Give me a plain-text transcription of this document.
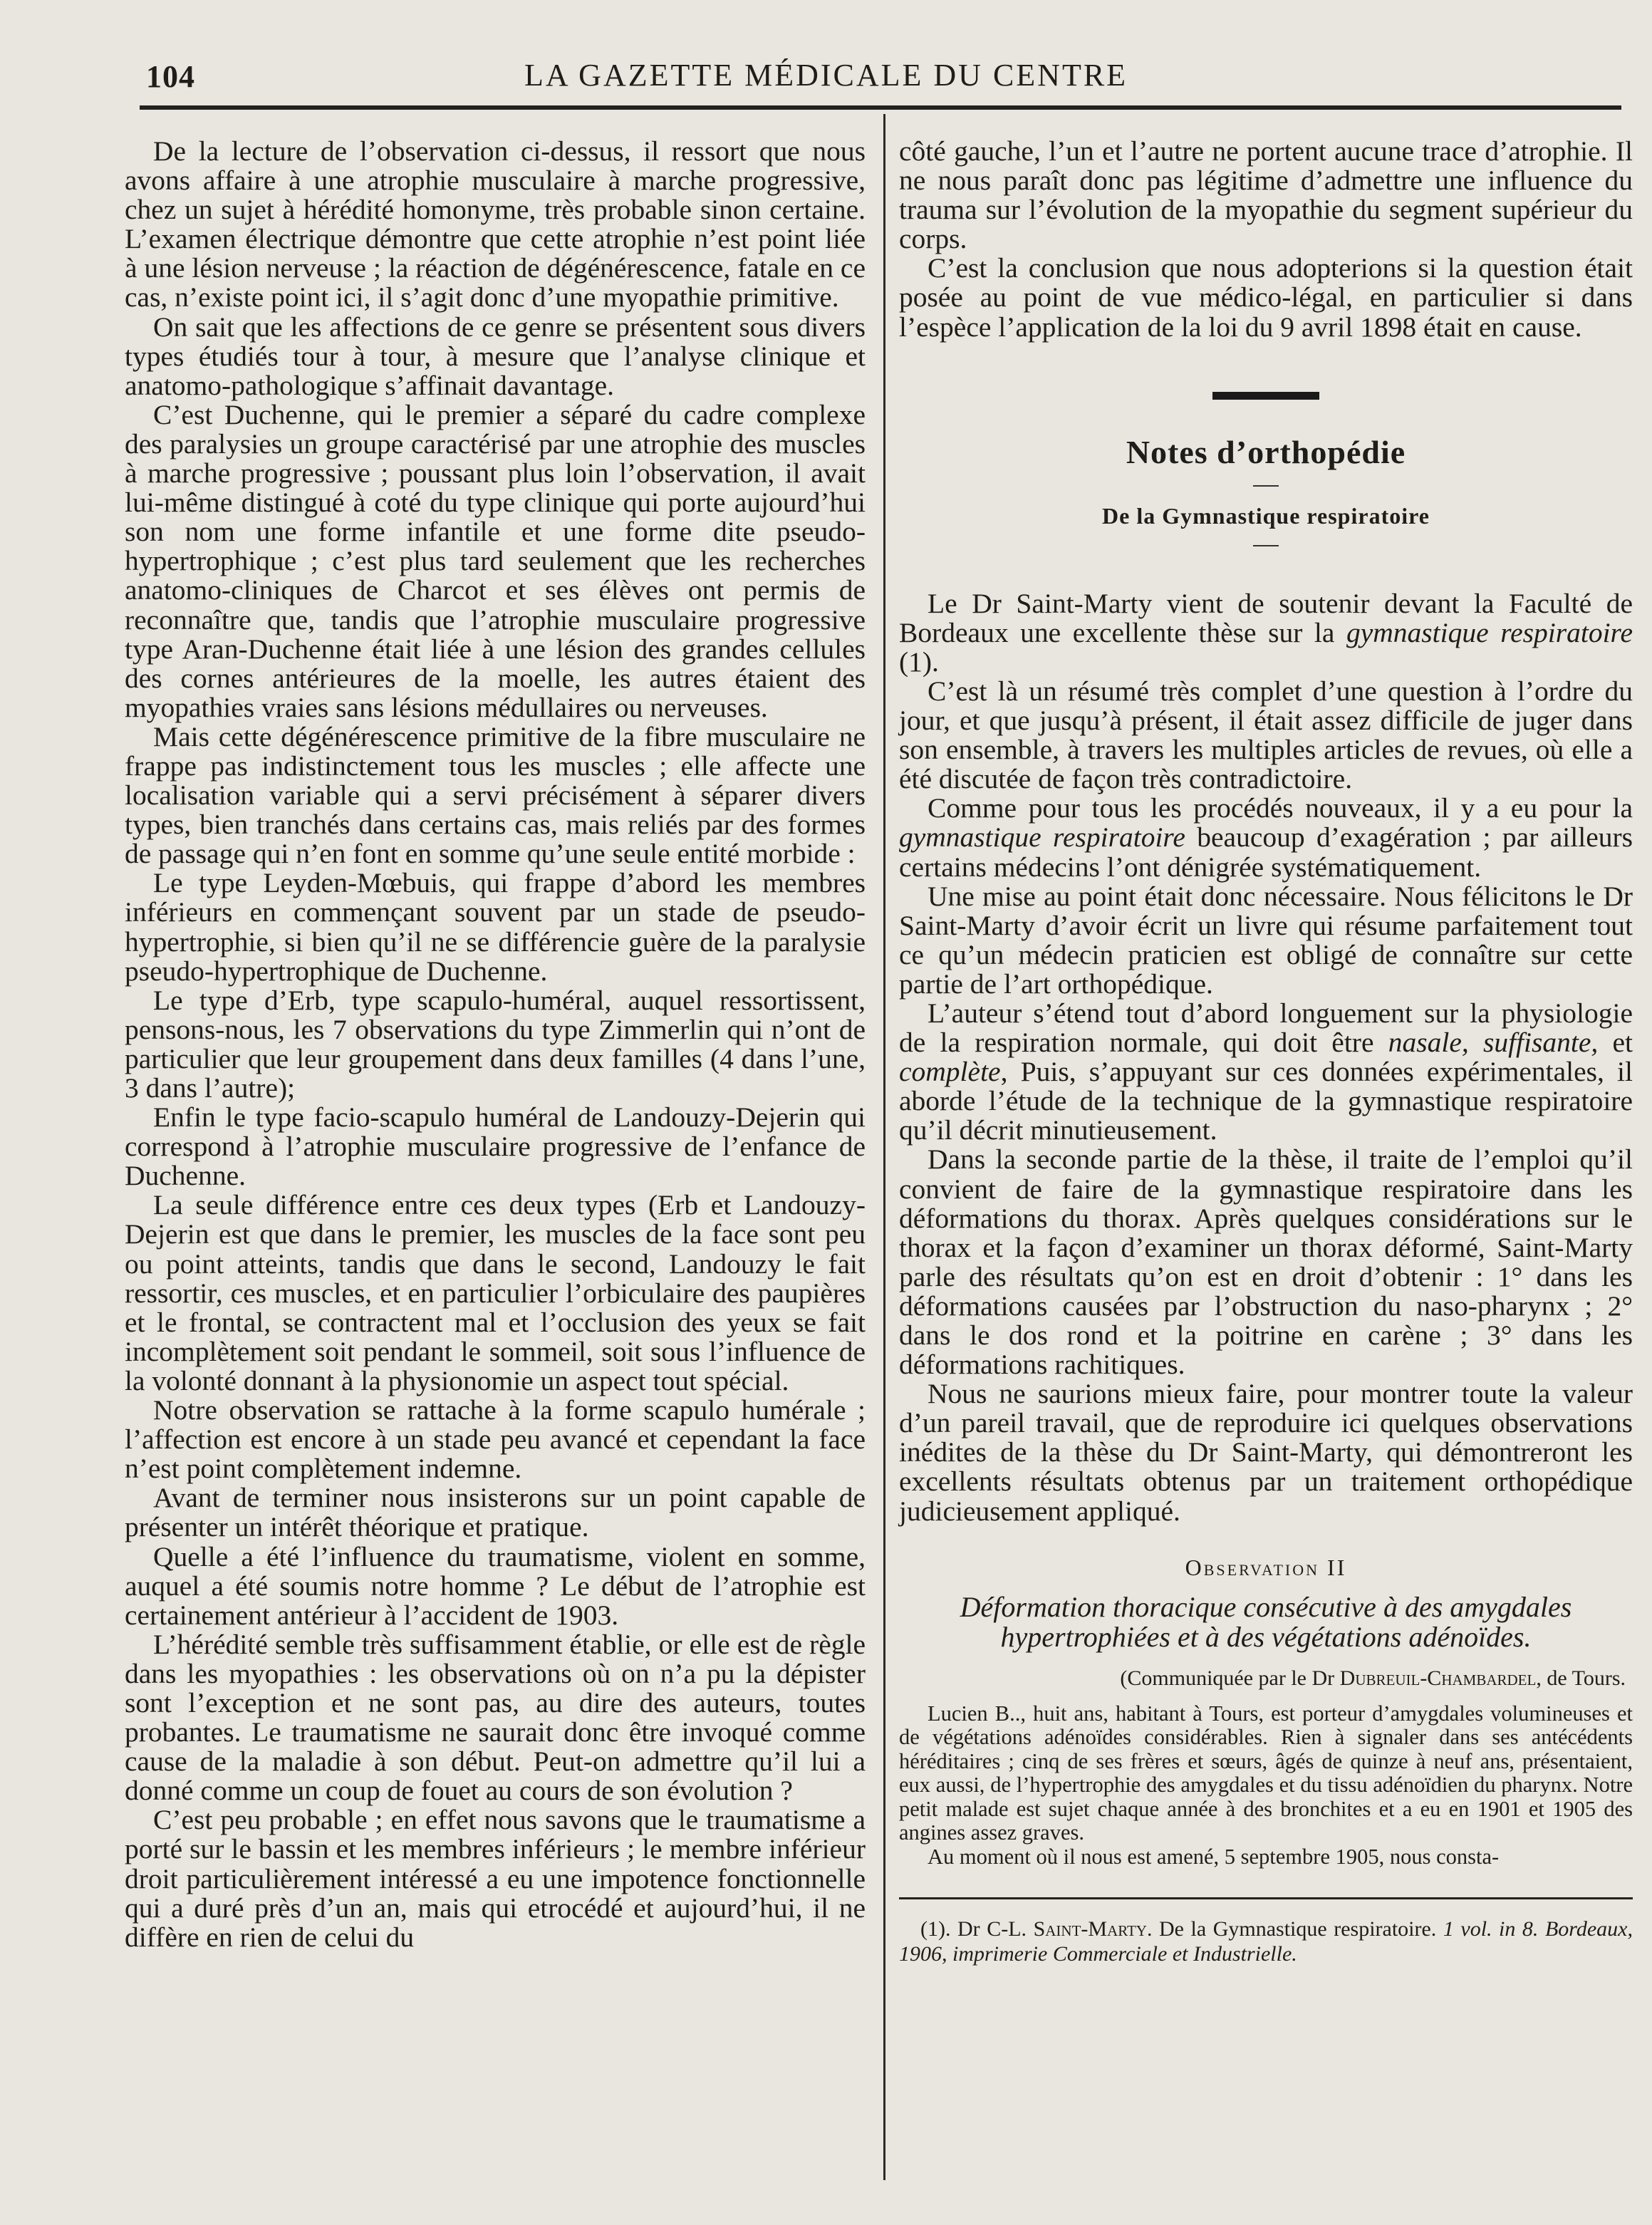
104	LA GAZETTE MÉDICALE DU CENTRE

De la lecture de l’observation ci-dessus, il ressort que nous avons affaire à une atrophie musculaire à marche progressive, chez un sujet à hérédité homonyme, très probable sinon certaine. L’examen électrique démontre que cette atrophie n’est point liée à une lésion nerveuse ; la réaction de dégénérescence, fatale en ce cas, n’existe point ici, il s’agit donc d’une myopathie primitive.

On sait que les affections de ce genre se présentent sous divers types étudiés tour à tour, à mesure que l’analyse clinique et anatomo-pathologique s’affinait davantage.

C’est Duchenne, qui le premier a séparé du cadre complexe des paralysies un groupe caractérisé par une atrophie des muscles à marche progressive ; poussant plus loin l’observation, il avait lui-même distingué à coté du type clinique qui porte aujourd’hui son nom une forme infantile et une forme dite pseudo-hypertrophique ; c’est plus tard seulement que les recherches anatomo-cliniques de Charcot et ses élèves ont permis de reconnaître que, tandis que l’atrophie musculaire progressive type Aran-Duchenne était liée à une lésion des grandes cellules des cornes antérieures de la moelle, les autres étaient des myopathies vraies sans lésions médullaires ou nerveuses.

Mais cette dégénérescence primitive de la fibre musculaire ne frappe pas indistinctement tous les muscles ; elle affecte une localisation variable qui a servi précisément à séparer divers types, bien tranchés dans certains cas, mais reliés par des formes de passage qui n’en font en somme qu’une seule entité morbide :

Le type Leyden-Mœbuis, qui frappe d’abord les membres inférieurs en commençant souvent par un stade de pseudo-hypertrophie, si bien qu’il ne se différencie guère de la paralysie pseudo-hypertrophique de Duchenne.

Le type d’Erb, type scapulo-huméral, auquel ressortissent, pensons-nous, les 7 observations du type Zimmerlin qui n’ont de particulier que leur groupement dans deux familles (4 dans l’une, 3 dans l’autre);

Enfin le type facio-scapulo huméral de Landouzy-Dejerin qui correspond à l’atrophie musculaire progressive de l’enfance de Duchenne.

La seule différence entre ces deux types (Erb et Landouzy-Dejerin est que dans le premier, les muscles de la face sont peu ou point atteints, tandis que dans le second, Landouzy le fait ressortir, ces muscles, et en particulier l’orbiculaire des paupières et le frontal, se contractent mal et l’occlusion des yeux se fait incomplètement soit pendant le sommeil, soit sous l’influence de la volonté donnant à la physionomie un aspect tout spécial.

Notre observation se rattache à la forme scapulo humérale ; l’affection est encore à un stade peu avancé et cependant la face n’est point complètement indemne.

Avant de terminer nous insisterons sur un point capable de présenter un intérêt théorique et pratique.

Quelle a été l’influence du traumatisme, violent en somme, auquel a été soumis notre homme ? Le début de l’atrophie est certainement antérieur à l’accident de 1903.

L’hérédité semble très suffisamment établie, or elle est de règle dans les myopathies : les observations où on n’a pu la dépister sont l’exception et ne sont pas, au dire des auteurs, toutes probantes. Le traumatisme ne saurait donc être invoqué comme cause de la maladie à son début. Peut-on admettre qu’il lui a donné comme un coup de fouet au cours de son évolution ?

C’est peu probable ; en effet nous savons que le traumatisme a porté sur le bassin et les membres inférieurs ; le membre inférieur droit particulièrement intéressé a eu une impotence fonctionnelle qui a duré près d’un an, mais qui etrocédé et aujourd’hui, il ne diffère en rien de celui du

côté gauche, l’un et l’autre ne portent aucune trace d’atrophie. Il ne nous paraît donc pas légitime d’admettre une influence du trauma sur l’évolution de la myopathie du segment supérieur du corps.

C’est la conclusion que nous adopterions si la question était posée au point de vue médico-légal, en particulier si dans l’espèce l’application de la loi du 9 avril 1898 était en cause.

Notes d’orthopédie
De la Gymnastique respiratoire

Le Dr Saint-Marty vient de soutenir devant la Faculté de Bordeaux une excellente thèse sur la gymnastique respiratoire (1).

C’est là un résumé très complet d’une question à l’ordre du jour, et que jusqu’à présent, il était assez difficile de juger dans son ensemble, à travers les multiples articles de revues, où elle a été discutée de façon très contradictoire.

Comme pour tous les procédés nouveaux, il y a eu pour la gymnastique respiratoire beaucoup d’exagération ; par ailleurs certains médecins l’ont dénigrée systématiquement.

Une mise au point était donc nécessaire. Nous félicitons le Dr Saint-Marty d’avoir écrit un livre qui résume parfaitement tout ce qu’un médecin praticien est obligé de connaître sur cette partie de l’art orthopédique.

L’auteur s’étend tout d’abord longuement sur la physiologie de la respiration normale, qui doit être nasale, suffisante, et complète, Puis, s’appuyant sur ces données expérimentales, il aborde l’étude de la technique de la gymnastique respiratoire qu’il décrit minutieusement.

Dans la seconde partie de la thèse, il traite de l’emploi qu’il convient de faire de la gymnastique respiratoire dans les déformations du thorax. Après quelques considérations sur le thorax et la façon d’examiner un thorax déformé, Saint-Marty parle des résultats qu’on est en droit d’obtenir : 1° dans les déformations causées par l’obstruction du naso-pharynx ; 2° dans le dos rond et la poitrine en carène ; 3° dans les déformations rachitiques.

Nous ne saurions mieux faire, pour montrer toute la valeur d’un pareil travail, que de reproduire ici quelques observations inédites de la thèse du Dr Saint-Marty, qui démontreront les excellents résultats obtenus par un traitement orthopédique judicieusement appliqué.

Observation II

Déformation thoracique consécutive à des amygdales hypertrophiées et à des végétations adénoïdes.

(Communiquée par le Dr Dubreuil-Chambardel, de Tours.

Lucien B.., huit ans, habitant à Tours, est porteur d’amygdales volumineuses et de végétations adénoïdes considérables. Rien à signaler dans ses antécédents héréditaires ; cinq de ses frères et sœurs, âgés de quinze à neuf ans, présentaient, eux aussi, de l’hypertrophie des amygdales et du tissu adénoïdien du pharynx. Notre petit malade est sujet chaque année à des bronchites et a eu en 1901 et 1905 des angines assez graves.

Au moment où il nous est amené, 5 septembre 1905, nous consta-

(1). Dr C-L. Saint-Marty. De la Gymnastique respiratoire. 1 vol. in 8. Bordeaux, 1906, imprimerie Commerciale et Industrielle.
